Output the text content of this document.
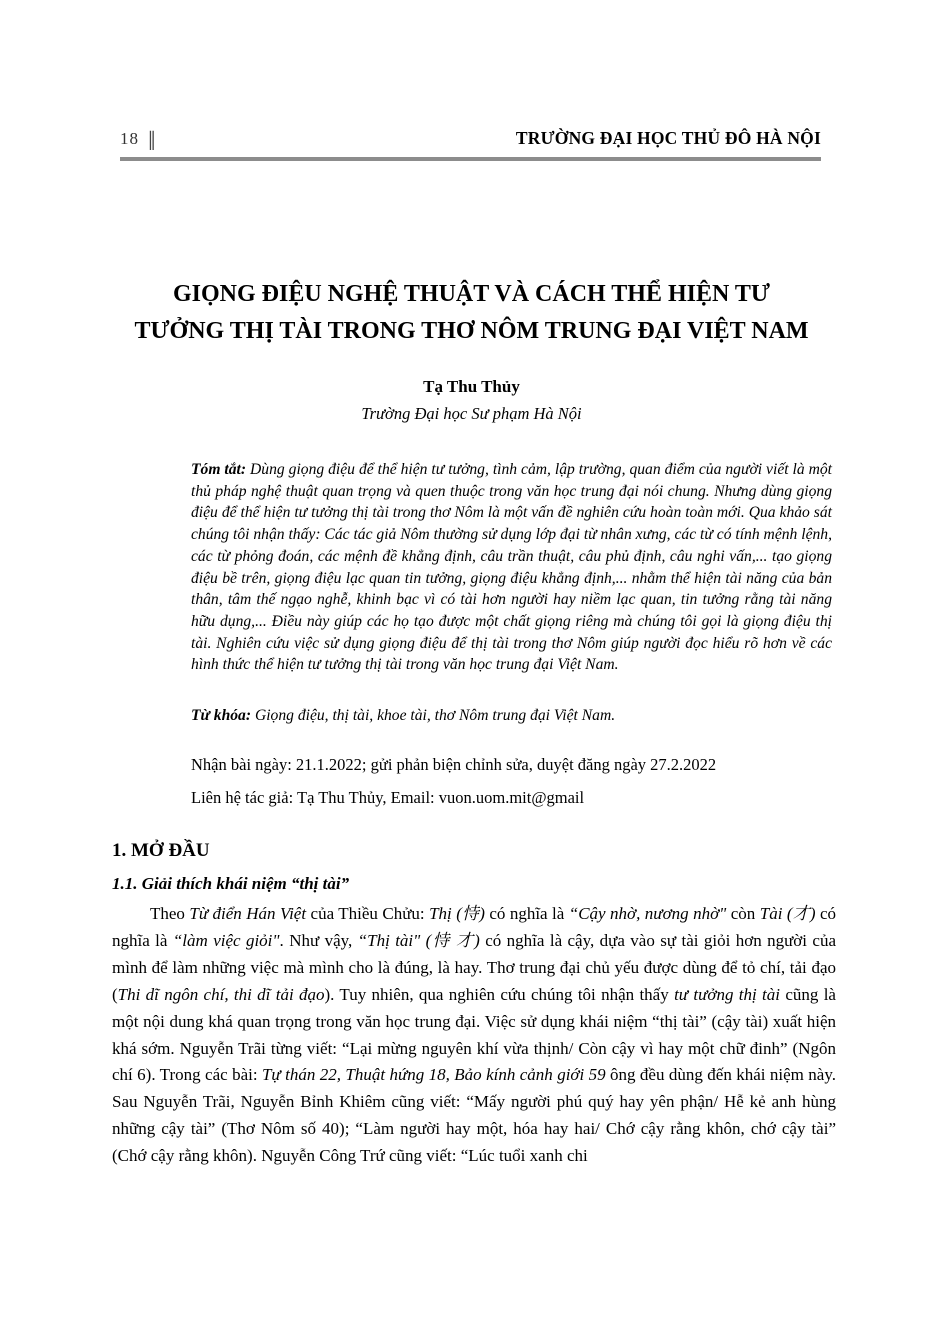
18 ‖	TRƯỜNG ĐẠI HỌC THỦ ĐÔ HÀ NỘI
GIỌNG ĐIỆU NGHỆ THUẬT VÀ CÁCH THỂ HIỆN TƯ
TƯỞNG THỊ TÀI TRONG THƠ NÔM TRUNG ĐẠI VIỆT NAM
Tạ Thu Thủy
Trường Đại học Sư phạm Hà Nội
Tóm tắt: Dùng giọng điệu để thể hiện tư tưởng, tình cảm, lập trường, quan điểm của người viết là một thủ pháp nghệ thuật quan trọng và quen thuộc trong văn học trung đại nói chung. Nhưng dùng giọng điệu để thể hiện tư tưởng thị tài trong thơ Nôm là một vấn đề nghiên cứu hoàn toàn mới. Qua khảo sát chúng tôi nhận thấy: Các tác giả Nôm thường sử dụng lớp đại từ nhân xưng, các từ có tính mệnh lệnh, các từ phỏng đoán, các mệnh đề khẳng định, câu trần thuật, câu phủ định, câu nghi vấn,... tạo giọng điệu bề trên, giọng điệu lạc quan tin tưởng, giọng điệu khẳng định,... nhằm thể hiện tài năng của bản thân, tâm thế ngạo nghễ, khinh bạc vì có tài hơn người hay niềm lạc quan, tin tưởng rằng tài năng hữu dụng,... Điều này giúp các họ tạo được một chất giọng riêng mà chúng tôi gọi là giọng điệu thị tài. Nghiên cứu việc sử dụng giọng điệu để thị tài trong thơ Nôm giúp người đọc hiểu rõ hơn về các hình thức thể hiện tư tưởng thị tài trong văn học trung đại Việt Nam.
Từ khóa: Giọng điệu, thị tài, khoe tài, thơ Nôm trung đại Việt Nam.
Nhận bài ngày: 21.1.2022; gửi phản biện chỉnh sửa, duyệt đăng ngày 27.2.2022
Liên hệ tác giả: Tạ Thu Thủy, Email: vuon.uom.mit@gmail
1. MỞ ĐẦU
1.1. Giải thích khái niệm “thị tài”
Theo Từ điển Hán Việt của Thiều Chửu: Thị (恃) có nghĩa là “Cậy nhờ, nương nhờ" còn Tài (才) có nghĩa là “làm việc giỏi". Như vậy, “Thị tài" (恃 才) có nghĩa là cậy, dựa vào sự tài giỏi hơn người của mình để làm những việc mà mình cho là đúng, là hay. Thơ trung đại chủ yếu được dùng để tỏ chí, tải đạo (Thi dĩ ngôn chí, thi dĩ tải đạo). Tuy nhiên, qua nghiên cứu chúng tôi nhận thấy tư tưởng thị tài cũng là một nội dung khá quan trọng trong văn học trung đại. Việc sử dụng khái niệm “thị tài” (cậy tài) xuất hiện khá sớm. Nguyễn Trãi từng viết: “Lại mừng nguyên khí vừa thịnh/ Còn cậy vì hay một chữ đinh” (Ngôn chí 6). Trong các bài: Tự thán 22, Thuật hứng 18, Bảo kính cảnh giới 59 ông đều dùng đến khái niệm này. Sau Nguyễn Trãi, Nguyễn Bỉnh Khiêm cũng viết: “Mấy người phú quý hay yên phận/ Hễ kẻ anh hùng những cậy tài” (Thơ Nôm số 40); “Làm người hay một, hóa hay hai/ Chớ cậy rằng khôn, chớ cậy tài” (Chớ cậy rằng khôn). Nguyễn Công Trứ cũng viết: “Lúc tuổi xanh chi
